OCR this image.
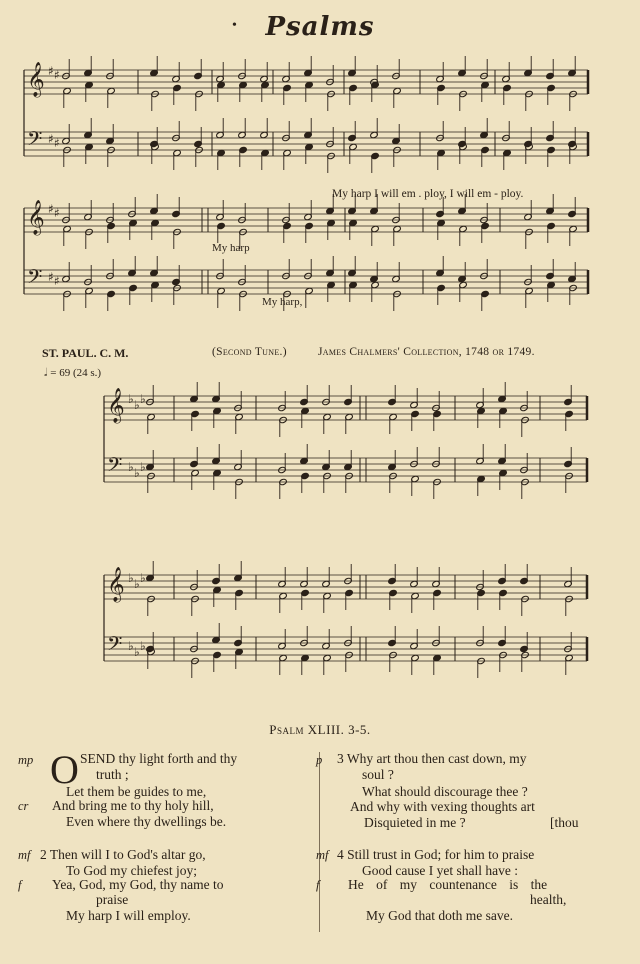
•	Psalms
𝄞
𝄢
♯ ♯
♯ ♯
𝄞
𝄢
♯ ♯
♯ ♯
𝄞
𝄢
♭ ♭ ♭
♭ ♭ ♭
𝄞
𝄢
♭ ♭ ♭
♭ ♭ ♭
My harp I will em . ploy, I will em - ploy.
My harp
My harp,
ST. PAUL. C. M.	(Second Tune.)	James Chalmers' Collection, 1748 or 1749.
𝅗𝅥 = 69 (24 s.)
Psalm XLIII. 3-5.
O
mp	SEND thy light forth and thy
truth ;
Let them be guides to me,
cr And bring me to thy holy hill,
Even where thy dwellings be.
mf 2 Then will I to God's altar go,
To God my chiefest joy;
f Yea, God, my God, thy name to
praise
My harp I will employ.
p 3 Why art thou then cast down, my
soul ?
What should discourage thee ?
And why with vexing thoughts art
Disquieted in me ?	[thou
mf 4 Still trust in God; for him to praise
Good cause I yet shall have :
f He of my countenance is the
health,
My God that doth me save.
